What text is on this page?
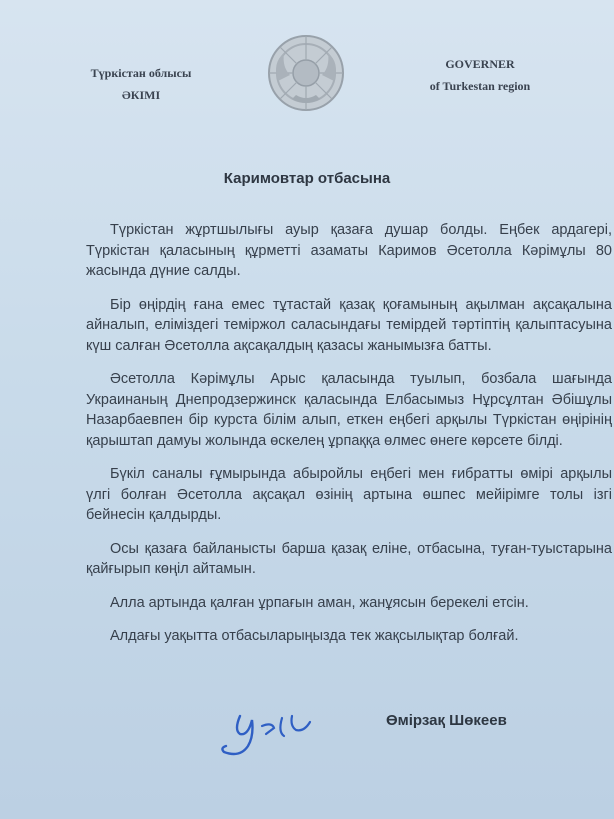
Түркістан облысы
ӘКІМІ
GOVERNER
of Turkestan region
Каримовтар отбасына

Түркістан жұртшылығы ауыр қазаға душар болды. Еңбек ардагері, Түркістан қаласының құрметті азаматы Каримов Әсетолла Кәрімұлы 80 жасында дүние салды.

Бір өңірдің ғана емес тұтастай қазақ қоғамының ақылман ақсақалына айналып, еліміздегі теміржол саласындағы темірдей тәртіптің қалыптасуына күш салған Әсетолла ақсақалдың қазасы жанымызға батты.

Әсетолла Кәрімұлы Арыс қаласында туылып, бозбала шағында Украинаның Днепродзержинск қаласында Елбасымыз Нұрсұлтан Әбішұлы Назарбаевпен бір курста білім алып, еткен еңбегі арқылы Түркістан өңірінің қарыштап дамуы жолында өскелең ұрпаққа өлмес өнеге көрсете білді.

Бүкіл саналы ғұмырында абыройлы еңбегі мен ғибратты өмірі арқылы үлгі болған Әсетолла ақсақал өзінің артына өшпес мейірімге толы ізгі бейнесін қалдырды.

Осы қазаға байланысты барша қазақ еліне, отбасына, туған-туыстарына қайғырып көңіл айтамын.

Алла артында қалған ұрпағын аман, жанұясын берекелі етсін.

Алдағы уақытта отбасыларыңызда тек жақсылықтар болғай.

Өмірзақ Шөкеев
